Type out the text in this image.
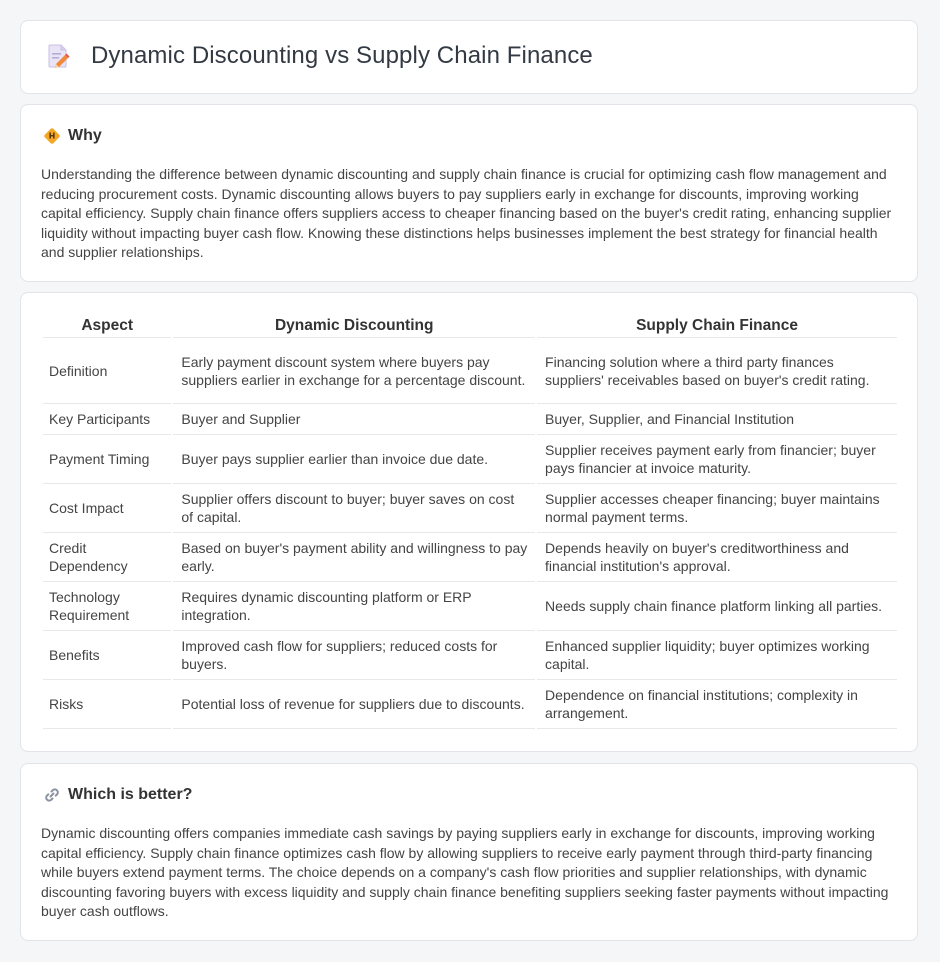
Dynamic Discounting vs Supply Chain Finance
Why

Understanding the difference between dynamic discounting and supply chain finance is crucial for optimizing cash flow management and reducing procurement costs. Dynamic discounting allows buyers to pay suppliers early in exchange for discounts, improving working capital efficiency. Supply chain finance offers suppliers access to cheaper financing based on the buyer's credit rating, enhancing supplier liquidity without impacting buyer cash flow. Knowing these distinctions helps businesses implement the best strategy for financial health and supplier relationships.

Aspect	Dynamic Discounting	Supply Chain Finance
Definition	Early payment discount system where buyers pay suppliers earlier in exchange for a percentage discount.	Financing solution where a third party finances suppliers' receivables based on buyer's credit rating.
Key Participants	Buyer and Supplier	Buyer, Supplier, and Financial Institution
Payment Timing	Buyer pays supplier earlier than invoice due date.	Supplier receives payment early from financier; buyer pays financier at invoice maturity.
Cost Impact	Supplier offers discount to buyer; buyer saves on cost of capital.	Supplier accesses cheaper financing; buyer maintains normal payment terms.
Credit Dependency	Based on buyer's payment ability and willingness to pay early.	Depends heavily on buyer's creditworthiness and financial institution's approval.
Technology Requirement	Requires dynamic discounting platform or ERP integration.	Needs supply chain finance platform linking all parties.
Benefits	Improved cash flow for suppliers; reduced costs for buyers.	Enhanced supplier liquidity; buyer optimizes working capital.
Risks	Potential loss of revenue for suppliers due to discounts.	Dependence on financial institutions; complexity in arrangement.
Which is better?

Dynamic discounting offers companies immediate cash savings by paying suppliers early in exchange for discounts, improving working capital efficiency. Supply chain finance optimizes cash flow by allowing suppliers to receive early payment through third-party financing while buyers extend payment terms. The choice depends on a company's cash flow priorities and supplier relationships, with dynamic discounting favoring buyers with excess liquidity and supply chain finance benefiting suppliers seeking faster payments without impacting buyer cash outflows.
